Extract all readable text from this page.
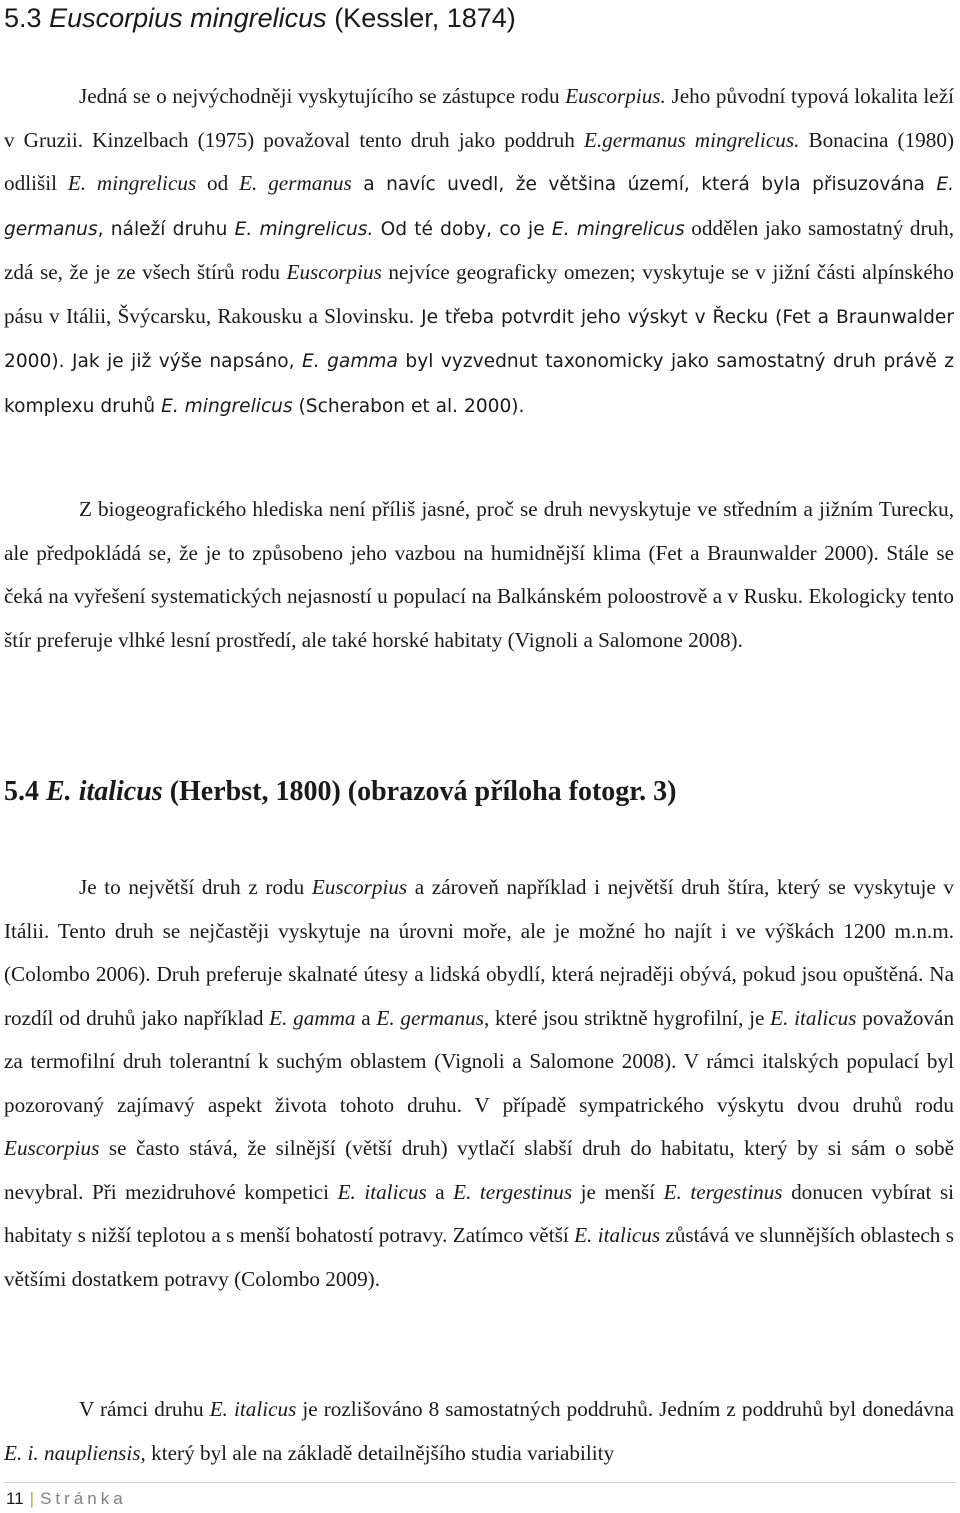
5.3 Euscorpius mingrelicus (Kessler, 1874)

Jedná se o nejvýchodněji vyskytujícího se zástupce rodu Euscorpius. Jeho původní typová lokalita leží v Gruzii. Kinzelbach (1975) považoval tento druh jako poddruh E.germanus mingrelicus. Bonacina (1980) odlišil E. mingrelicus od E. germanus a navíc uvedl, že většina území, která byla přisuzována E. germanus, náleží druhu E. mingrelicus. Od té doby, co je E. mingrelicus oddělen jako samostatný druh, zdá se, že je ze všech štírů rodu Euscorpius nejvíce geograficky omezen; vyskytuje se v jižní části alpínského pásu v Itálii, Švýcarsku, Rakousku a Slovinsku. Je třeba potvrdit jeho výskyt v Řecku (Fet a Braunwalder 2000). Jak je již výše napsáno, E. gamma byl vyzvednut taxonomicky jako samostatný druh právě z komplexu druhů E. mingrelicus (Scherabon et al. 2000).

Z biogeografického hlediska není příliš jasné, proč se druh nevyskytuje ve středním a jižním Turecku, ale předpokládá se, že je to způsobeno jeho vazbou na humidnější klima (Fet a Braunwalder 2000). Stále se čeká na vyřešení systematických nejasností u populací na Balkánském poloostrově a v Rusku. Ekologicky tento štír preferuje vlhké lesní prostředí, ale také horské habitaty (Vignoli a Salomone 2008).

5.4 E. italicus (Herbst, 1800) (obrazová příloha fotogr. 3)

Je to největší druh z rodu Euscorpius a zároveň například i největší druh štíra, který se vyskytuje v Itálii. Tento druh se nejčastěji vyskytuje na úrovni moře, ale je možné ho najít i ve výškách 1200 m.n.m. (Colombo 2006). Druh preferuje skalnaté útesy a lidská obydlí, která nejraději obývá, pokud jsou opuštěná. Na rozdíl od druhů jako například E. gamma a E. germanus, které jsou striktně hygrofilní, je E. italicus považován za termofilní druh tolerantní k suchým oblastem (Vignoli a Salomone 2008). V rámci italských populací byl pozorovaný zajímavý aspekt života tohoto druhu. V případě sympatrického výskytu dvou druhů rodu Euscorpius se často stává, že silnější (větší druh) vytlačí slabší druh do habitatu, který by si sám o sobě nevybral. Při mezidruhové kompetici E. italicus a E. tergestinus je menší E. tergestinus donucen vybírat si habitaty s nižší teplotou a s menší bohatostí potravy. Zatímco větší E. italicus zůstává ve slunnějších oblastech s většími dostatkem potravy (Colombo 2009).

V rámci druhu E. italicus je rozlišováno 8 samostatných poddruhů. Jedním z poddruhů byl donedávna E. i. naupliensis, který byl ale na základě detailnějšího studia variability

11 | Stránka
